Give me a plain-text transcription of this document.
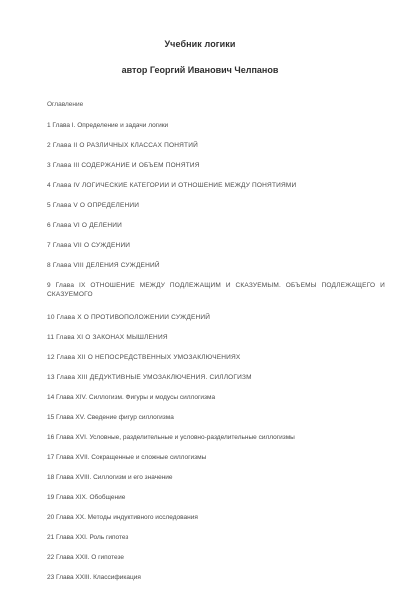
Учебник логики
автор Георгий Иванович Челпанов
Оглавление
1 Глава I. Определение и задачи логики
2 Глава II О РАЗЛИЧНЫХ КЛАССАХ ПОНЯТИЙ
3 Глава III СОДЕРЖАНИЕ И ОБЪЕМ ПОНЯТИЯ
4 Глава IV ЛОГИЧЕСКИЕ КАТЕГОРИИ И ОТНОШЕНИЕ МЕЖДУ ПОНЯТИЯМИ
5 Глава V О ОПРЕДЕЛЕНИИ
6 Глава VI О ДЕЛЕНИИ
7 Глава VII О СУЖДЕНИИ
8 Глава VIII ДЕЛЕНИЯ СУЖДЕНИЙ
9 Глава IX ОТНОШЕНИЕ МЕЖДУ ПОДЛЕЖАЩИМ И СКАЗУЕМЫМ. ОБЪЕМЫ ПОДЛЕЖАЩЕГО И СКАЗУЕМОГО
10 Глава X О ПРОТИВОПОЛОЖЕНИИ СУЖДЕНИЙ
11 Глава XI О ЗАКОНАХ МЫШЛЕНИЯ
12 Глава XII О НЕПОСРЕДСТВЕННЫХ УМОЗАКЛЮЧЕНИЯХ
13 Глава XIII ДЕДУКТИВНЫЕ УМОЗАКЛЮЧЕНИЯ. СИЛЛОГИЗМ
14 Глава XIV. Силлогизм. Фигуры и модусы силлогизма
15 Глава XV. Сведение фигур силлогизма
16 Глава XVI. Условные, разделительные и условно-разделительные силлогизмы
17 Глава XVII. Сокращенные и сложные силлогизмы
18 Глава XVIII. Силлогизм и его значение
19 Глава XIX. Обобщение
20 Глава XX. Методы индуктивного исследования
21 Глава XXI. Роль гипотез
22 Глава XXII. О гипотезе
23 Глава XXIII. Классификация
